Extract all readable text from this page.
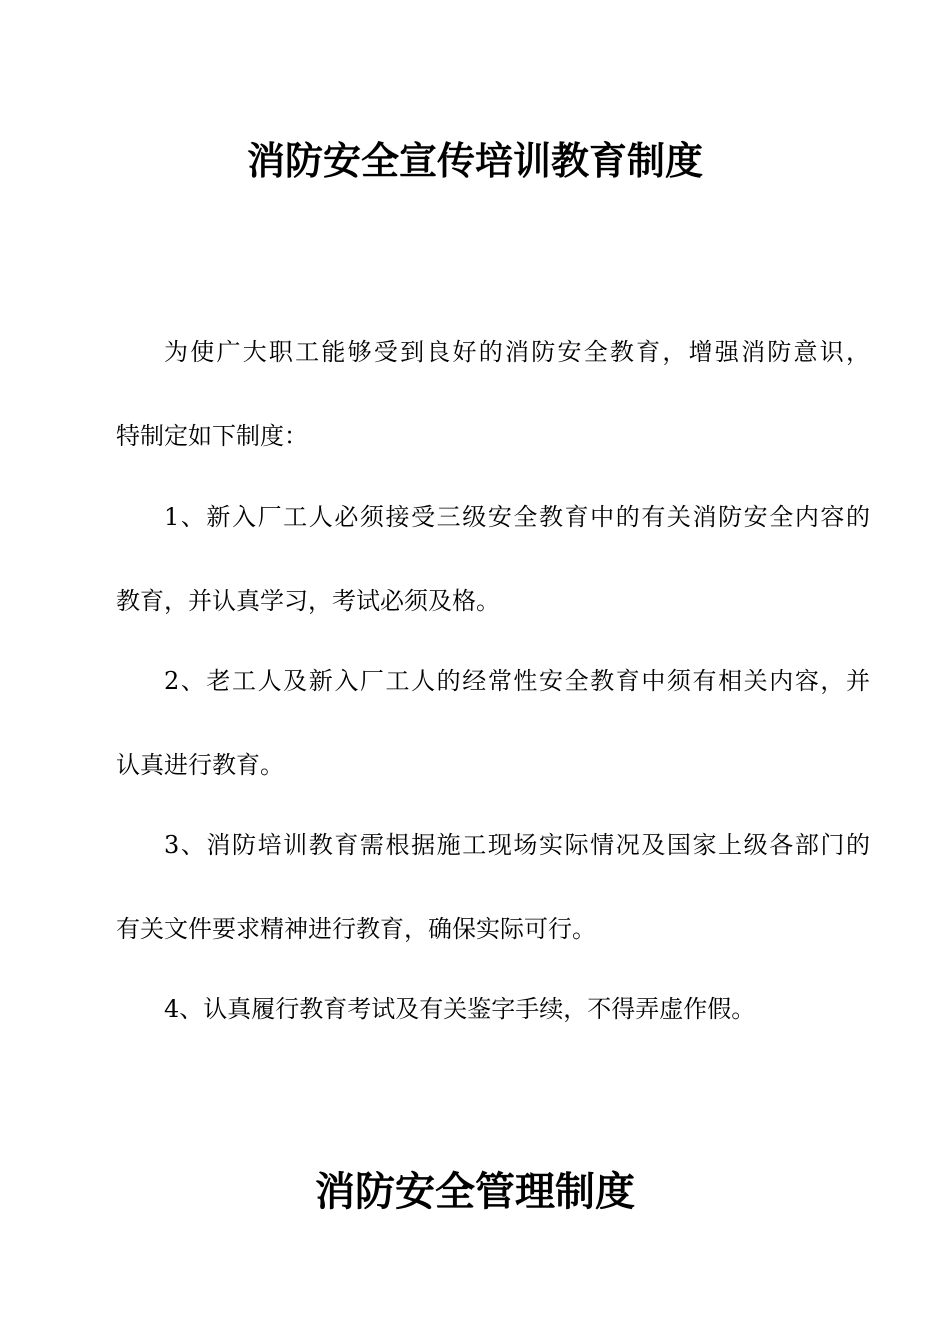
消防安全宣传培训教育制度

为使广大职工能够受到良好的消防安全教育，增强消防意识，

特制定如下制度：

1、新入厂工人必须接受三级安全教育中的有关消防安全内容的

教育，并认真学习，考试必须及格。

2、老工人及新入厂工人的经常性安全教育中须有相关内容，并

认真进行教育。

3、消防培训教育需根据施工现场实际情况及国家上级各部门的

有关文件要求精神进行教育，确保实际可行。

4、认真履行教育考试及有关鉴字手续，不得弄虚作假。

消防安全管理制度
